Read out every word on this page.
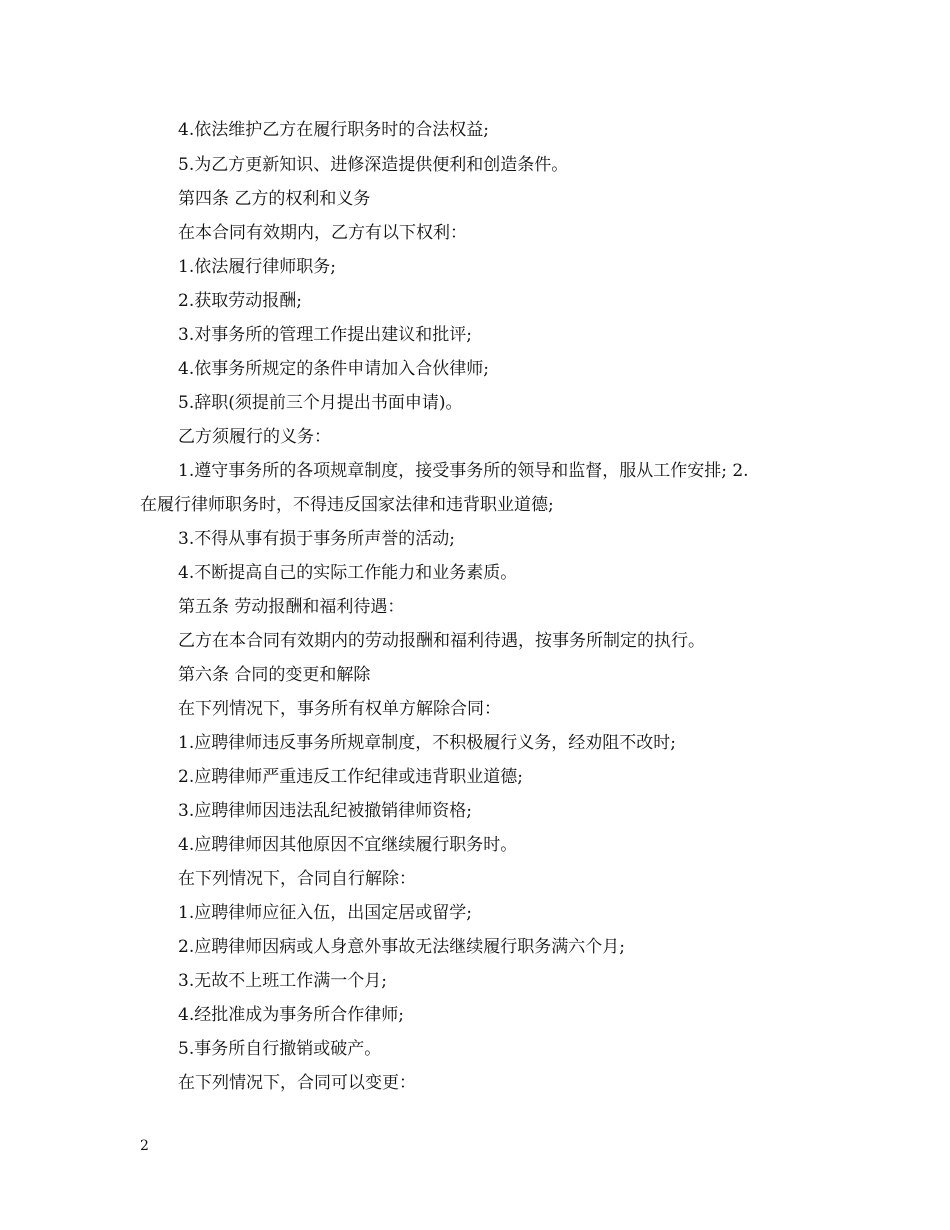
4.依法维护乙方在履行职务时的合法权益;
5.为乙方更新知识、进修深造提供便利和创造条件。
第四条 乙方的权利和义务
在本合同有效期内，乙方有以下权利：
1.依法履行律师职务;
2.获取劳动报酬;
3.对事务所的管理工作提出建议和批评;
4.依事务所规定的条件申请加入合伙律师;
5.辞职(须提前三个月提出书面申请)。
乙方须履行的义务：
1.遵守事务所的各项规章制度，接受事务所的领导和监督，服从工作安排; 2.
在履行律师职务时，不得违反国家法律和违背职业道德;
3.不得从事有损于事务所声誉的活动;
4.不断提高自己的实际工作能力和业务素质。
第五条 劳动报酬和福利待遇：
乙方在本合同有效期内的劳动报酬和福利待遇，按事务所制定的执行。
第六条 合同的变更和解除
在下列情况下，事务所有权单方解除合同：
1.应聘律师违反事务所规章制度，不积极履行义务，经劝阻不改时;
2.应聘律师严重违反工作纪律或违背职业道德;
3.应聘律师因违法乱纪被撤销律师资格;
4.应聘律师因其他原因不宜继续履行职务时。
在下列情况下，合同自行解除：
1.应聘律师应征入伍，出国定居或留学;
2.应聘律师因病或人身意外事故无法继续履行职务满六个月;
3.无故不上班工作满一个月;
4.经批准成为事务所合作律师;
5.事务所自行撤销或破产。
在下列情况下，合同可以变更：
2
